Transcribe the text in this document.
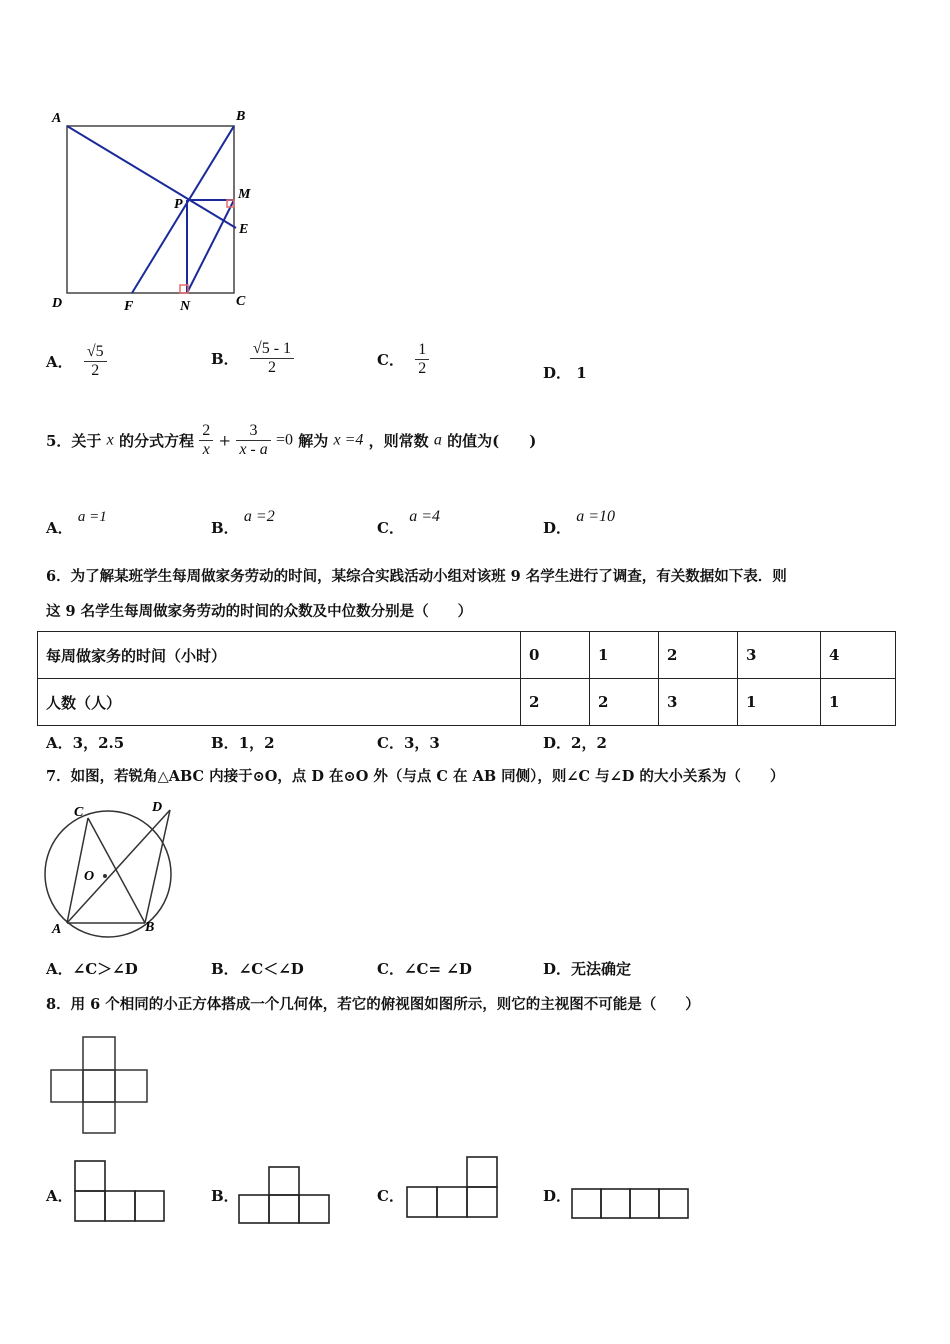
A	B
M
P
E
D	F	N	C
A． $\frac{√5}{2}$	B． $\frac{√5 - 1}{2}$	C． $\frac{1}{2}$	D． 1
5．关于 x 的分式方程 $\frac{2}{x} + \frac{3}{x - a} =0$ 解为 x =4 ，则常数 a 的值为(　　)
A． a =1
B． a =2
C． a =4
D． a =10
6．为了解某班学生每周做家务劳动的时间，某综合实践活动小组对该班 9 名学生进行了调查，有关数据如下表．则
这 9 名学生每周做家务劳动的时间的众数及中位数分别是（　　）
每周做家务的时间（小时）	0	1	2	3	4
人数（人）	2	2	3	1	1
A．3，2.5	B．1，2	C．3，3	D．2，2
7．如图，若锐角△ABC 内接于⊙O，点 D 在⊙O 外（与点 C 在 AB 同侧），则∠C 与∠D 的大小关系为（　　）
C	D
O
A	B
A．∠C＞∠D	B．∠C＜∠D	C．∠C= ∠D	D．无法确定
8．用 6 个相同的小正方体搭成一个几何体，若它的俯视图如图所示，则它的主视图不可能是（　　）
A．	B．	C．	D．
